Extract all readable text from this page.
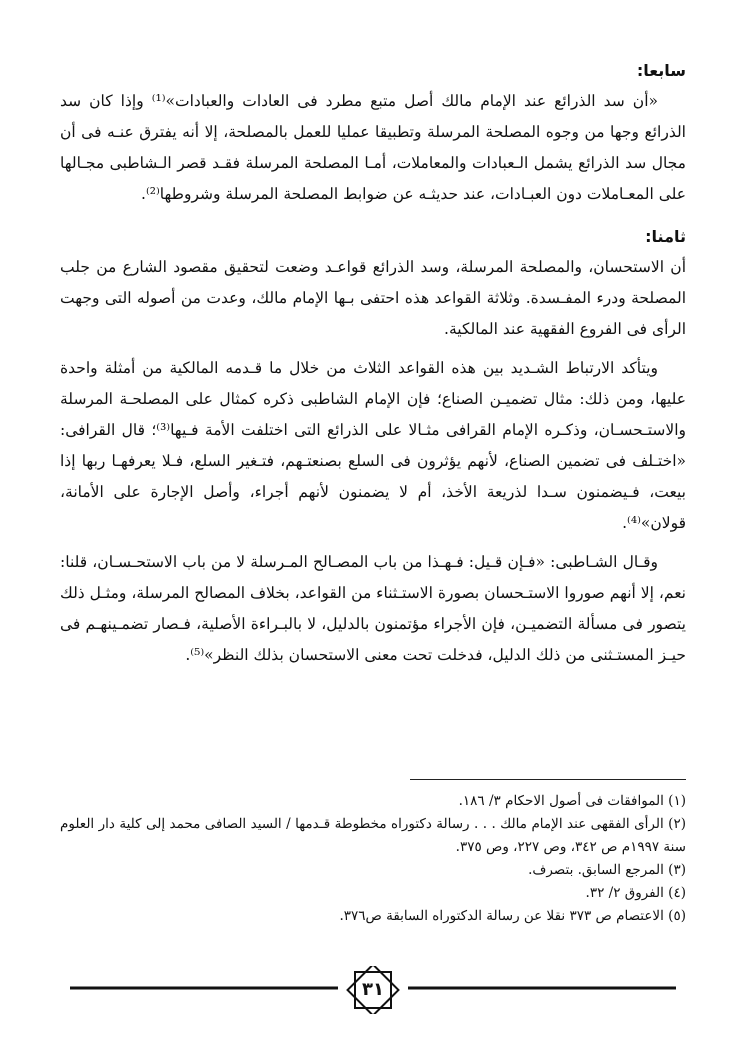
سابعا:

«أن سد الذرائع عند الإمام مالك أصل متبع مطرد فى العادات والعبادات»⁽¹⁾ وإذا كان سد الذرائع وجها من وجوه المصلحة المرسلة وتطبيقا عمليا للعمل بالمصلحة، إلا أنه يفترق عنـه فى أن مجال سد الذرائع يشمل الـعبادات والمعاملات، أمـا المصلحة المرسلة فقـد قصر الـشاطبى مجـالها على المعـاملات دون العبـادات، عند حديثـه عن ضوابط المصلحة المرسلة وشروطها⁽²⁾.

ثامنا:

أن الاستحسان، والمصلحة المرسلة، وسد الذرائع قواعـد وضعت لتحقيق مقصود الشارع من جلب المصلحة ودرء المفـسدة. وثلاثة القواعد هذه احتفى بـها الإمام مالك، وعدت من أصوله التى وجهت الرأى فى الفروع الفقهية عند المالكية.

ويتأكد الارتباط الشـديد بين هذه القواعد الثلاث من خلال ما قـدمه المالكية من أمثلة واحدة عليها، ومن ذلك: مثال تضميـن الصناع؛ فإن الإمام الشاطبى ذكره كمثال على المصلحـة المرسلة والاستـحسـان، وذكـره الإمام القرافى مثـالا على الذرائع التى اختلفت الأمة فـيها⁽³⁾؛ قال القرافى: «اختـلف فى تضمين الصناع، لأنهم يؤثرون فى السلع بصنعتـهم، فتـغير السلع، فـلا يعرفهـا ربها إذا بيعت، فـيضمنون سـدا لذريعة الأخذ، أم لا يضمنون لأنهم أجراء، وأصل الإجارة على الأمانة، قولان»⁽⁴⁾.

وقـال الشـاطبى: «فـإن قـيل: فـهـذا من باب المصـالح المـرسلة لا من باب الاستحـسـان، قلنا: نعم، إلا أنهم صوروا الاستـحسان بصورة الاستـثناء من القواعد، بخلاف المصالح المرسلة، ومثـل ذلك يتصور فى مسألة التضميـن، فإن الأجراء مؤتمنون بالدليل، لا بالبـراءة الأصلية، فـصار تضمـينهـم فى حيـز المستـثنى من ذلك الدليل، فدخلت تحت معنى الاستحسان بذلك النظر»⁽⁵⁾.

(١) الموافقات فى أصول الاحكام ٣/ ١٨٦.

(٢) الرأى الفقهى عند الإمام مالك . . . رسالة دكتوراه مخطوطة قـدمها / السيد الصافى محمد إلى كلية دار العلوم سنة ١٩٩٧م ص ٣٤٢، وص ٢٢٧، وص ٣٧٥.

(٣) المرجع السابق. بتصرف.

(٤) الفروق ٢/ ٣٢.

(٥) الاعتصام ص ٣٧٣ نقلا عن رسالة الدكتوراه السابقة ص٣٧٦.

٣١
